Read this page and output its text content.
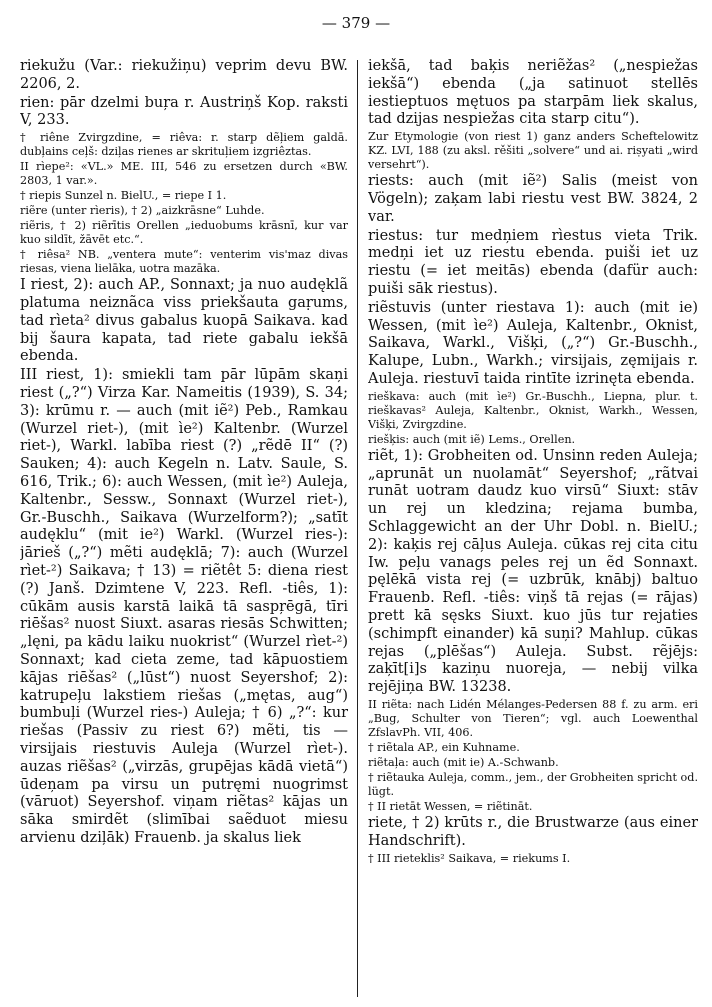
— 379 —

riekužu (Var.: riekužiņu) veprim devu BW. 2206, 2.

rien: pār dzelmi buŗa r. Austriņš Kop. raksti V, 233.

† riêne Zvirgzdine, = riêva: r. starp dẽļiem galdā. dubļains ceļš: dziļas rienes ar skritul̦iem izgriêztas.

II rìepe²: «VL.» ME. III, 546 zu ersetzen durch «BW. 2803, 1 var.».

† riepis Sunzel n. BielU., = riepe I 1.

riẽre (unter rìeris), † 2) „aizkrāsne“ Luhde.

riẽris, † 2) riẽrītis Orellen „ieduobums krāsnī, kur var kuo sildīt, žāvēt etc.“.

† riêsa² NB. „ventera mute“: venterim vis'maz divas riesas, viena lielāka, uotra mazāka.

I riest, 2): auch AP., Sonnaxt; ja nuo audęklã platuma neiznãca viss priekšauta gaṛums, tad rìeta² divus gabalus kuopā Saikava. kad bij šaura kapata, tad riete gabalu iekšā ebenda.

III riest, 1): smiekli tam pār lūpām skaņi riest („?“) Virza Kar. Nameitis (1939), S. 34; 3): krūmu r. — auch (mit iẽ²) Peb., Ramkau (Wurzel riet-), (mit ìe²) Kaltenbr. (Wurzel riet-), Warkl. labība riest (?) „rẽdē II“ (?) Sauken; 4): auch Kegeln n. Latv. Saule, S. 616, Trik.; 6): auch Wessen, (mit ìe²) Auleja, Kaltenbr., Sessw., Sonnaxt (Wurzel riet-), Gr.-Buschh., Saikava (Wurzelform?); „satīt audęklu“ (mit ie²) Warkl. (Wurzel ries-): jārieš („?“) mẽti audęklā; 7): auch (Wurzel rìet-²) Saikava; † 13) = riẽtêt 5: diena riest (?) Janš. Dzimtene V, 223. Refl. -tiês, 1): cūkām ausis karstā laikā tā saspŗēgā, tīri riēšas² nuost Siuxt. asaras riesās Schwitten; „lęni, pa kādu laiku nuokrist“ (Wurzel rìet-²) Sonnaxt; kad cieta zeme, tad kāpuostiem kājas riēšas² („lūst“) nuost Seyershof; 2): katrupeļu lakstiem riešas („mętas, aug“) bumbuļi (Wurzel ries-) Auleja; † 6) „?“: kur riešas (Passiv zu riest 6?) mẽti, tis — virsijais riestuvis Auleja (Wurzel rìet-). auzas riẽšas² („virzās, grupējas kādā vietā“) ūdeņam pa virsu un putręmi nuogrimst (vāruot) Seyershof. viņam riẽtas² kājas un sāka smirdẽt (slimībai saẽduot miesu arvienu dziļāk) Frauenb. ja skalus liek

iekšā, tad baķis neriẽžas² („nespiežas iekšā“) ebenda („ja satinuot stellēs iestieptuos mętuos pa starpām liek skalus, tad dzijas nespiežas cita starp citu“).

Zur Etymologie (von riest 1) ganz anders Scheftelowitz KZ. LVI, 188 (zu aksl. rěšiti „solvere“ und ai. riṣyati „wird versehrt“).

riests: auch (mit iẽ²) Salis (meist von Vögeln); zaķam labi riestu vest BW. 3824, 2 var.

riestus: tur medņiem rìestus vieta Trik. medņi iet uz riestu ebenda. puiši iet uz riestu (= iet meitās) ebenda (dafür auch: puiši sāk riestus).

riẽstuvis (unter riestava 1): auch (mit ie) Wessen, (mit ìe²) Auleja, Kaltenbr., Oknist, Saikava, Warkl., Višķi, („?“) Gr.-Buschh., Kalupe, Lubn., Warkh.; virsijais, zęmijais r. Auleja. riestuvī taida rintīte izrinęta ebenda.

rieškava: auch (mit ìe²) Gr.-Buschh., Liepna, plur. t. rieškavas² Auleja, Kaltenbr., Oknist, Warkh., Wessen, Višķi, Zvirgzdine.

riešķis: auch (mit iẽ) Lems., Orellen.

riẽt, 1): Grobheiten od. Unsinn reden Auleja; „aprunāt un nuolamāt“ Seyershof; „rãtvai runāt uotram daudz kuo virsū“ Siuxt: stāv un rej un kledzina; rejama bumba, Schlaggewicht an der Uhr Dobl. n. BielU.; 2): kaķis rej cāļus Auleja. cūkas rej cita citu Iw. peļu vanags peles rej un ẽd Sonnaxt. pęlēkā vista rej (= uzbrūk, knābj) baltuo Frauenb. Refl. -tiês: viņš tā rejas (= rājas) prett kā sęsks Siuxt. kuo jūs tur rejaties (schimpft einander) kā suņi? Mahlup. cūkas rejas („plēšas“) Auleja. Subst. rẽjējs: zaķīt[i]s kaziņu nuoreja, — nebij vilka rejējiņa BW. 13238.

II riẽta: nach Lidén Mélanges-Pedersen 88 f. zu arm. eri „Bug, Schulter von Tieren“; vgl. auch Loewenthal ZfslavPh. VII, 406.

† riẽtala AP., ein Kuhname.

riẽtaļa: auch (mit ie) A.-Schwanb.

† riẽtauka Auleja, comm., jem., der Grobheiten spricht od. lügt.

† II rietāt Wessen, = riẽtināt.

riete, † 2) krūts r., die Brustwarze (aus einer Handschrift).

† III rieteklis² Saikava, = riekums I.
